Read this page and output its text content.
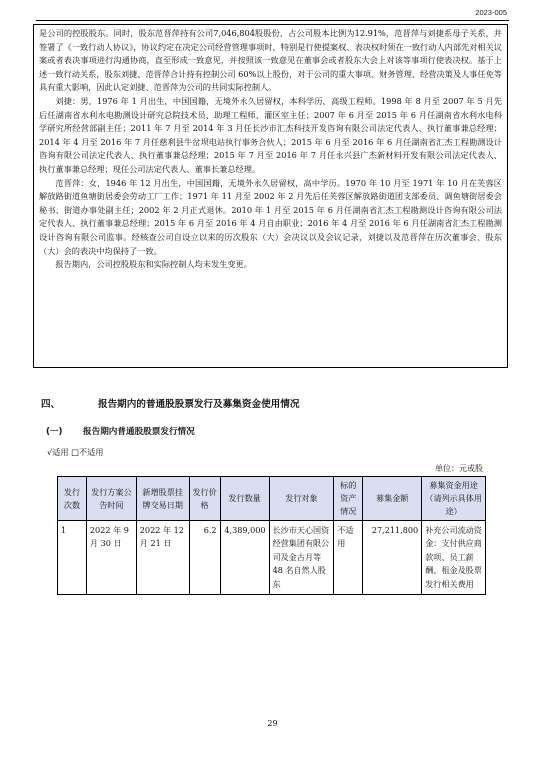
2023-005

是公司的控股股东。同时，股东范晋萍持有公司7,046,804股股份，占公司股本比例为12.91%，范晋萍与刘捷系母子关系，并签署了《一致行动人协议》，协议约定在决定公司经营管理事项时，特别是行使提案权、表决权时须在一致行动人内部先对相关议案或者表决事项进行沟通协商，直至形成一致意见，并按照该一致意见在董事会或者股东大会上对该等事项行使表决权。基于上述一致行动关系，股东刘捷、范晋萍合计持有控制公司 60%以上股份，对于公司的重大事项、财务管理、经营决策及人事任免等具有重大影响，因此认定刘捷、范晋萍为公司的共同实际控制人。

刘捷：男，1976 年 1 月出生，中国国籍，无境外永久居留权，本科学历，高级工程师。1998 年 8 月至 2007 年 5 月先后任湖南省水利水电勘测设计研究总院技术员、助理工程师、灌区室主任；2007 年 6 月至 2015 年 6 月任湖南省水利水电科学研究所经营部副主任；2011 年 7 月至 2014 年 3 月任长沙市汇杰科技开发咨询有限公司法定代表人、执行董事兼总经理；2014 年 4 月至 2016 年 7 月任慈利县牛岔坝电站执行事务合伙人；2015 年 6 月至 2016 年 6 月任湖南省汇杰工程勘测设计咨询有限公司法定代表人、执行董事兼总经理；2015 年 7 月至 2016 年 7 月任永兴县广杰新材料开发有限公司法定代表人、执行董事兼总经理；现任公司法定代表人、董事长兼总经理。

范晋萍：女，1946 年 12 月出生，中国国籍，无境外永久居留权，高中学历。1970 年 10 月至 1971 年 10 月在芙蓉区解放路街道鱼塘街居委会劳动工厂工作；1971 年 11 月至 2002 年 2 月先后任芙蓉区解放路街道团支部委员、调鱼塘街居委会秘书、街道办事处副主任；2002 年 2 月正式退休。2010 年 1 月至 2015 年 6 月任湖南省汇杰工程勘测设计咨询有限公司法定代表人、执行董事兼总经理；2015 年 6 月至 2016 年 4 月自由职业；2016 年 4 月至 2016 年 6 月任湖南省汇杰工程勘测设计咨询有限公司监事。经核查公司自设立以来的历次股东（大）会决议以及会议记录，刘捷以及范晋萍在历次董事会、股东（大）会的表决中均保持了一致。

报告期内，公司控股股东和实际控制人均未发生变更。

四、	报告期内的普通股股票发行及募集资金使用情况
(一) 报告期内普通股股票发行情况
√适用 □不适用
单位：元或股
发行次数	发行方案公告时间	新增股票挂牌交易日期	发行价格	发行数量	发行对象	标的资产情况	募集金额	募集资金用途（请列示具体用途）
1	2022 年 9 月 30 日	2022 年 12 月 21 日	6.2	4,389,000	长沙市天心国资经营集团有限公司及金古月等 48 名自然人股东	不适用	27,211,800	补充公司流动资金：支付供应商款项、员工薪酬、租金及股票发行相关费用
29
